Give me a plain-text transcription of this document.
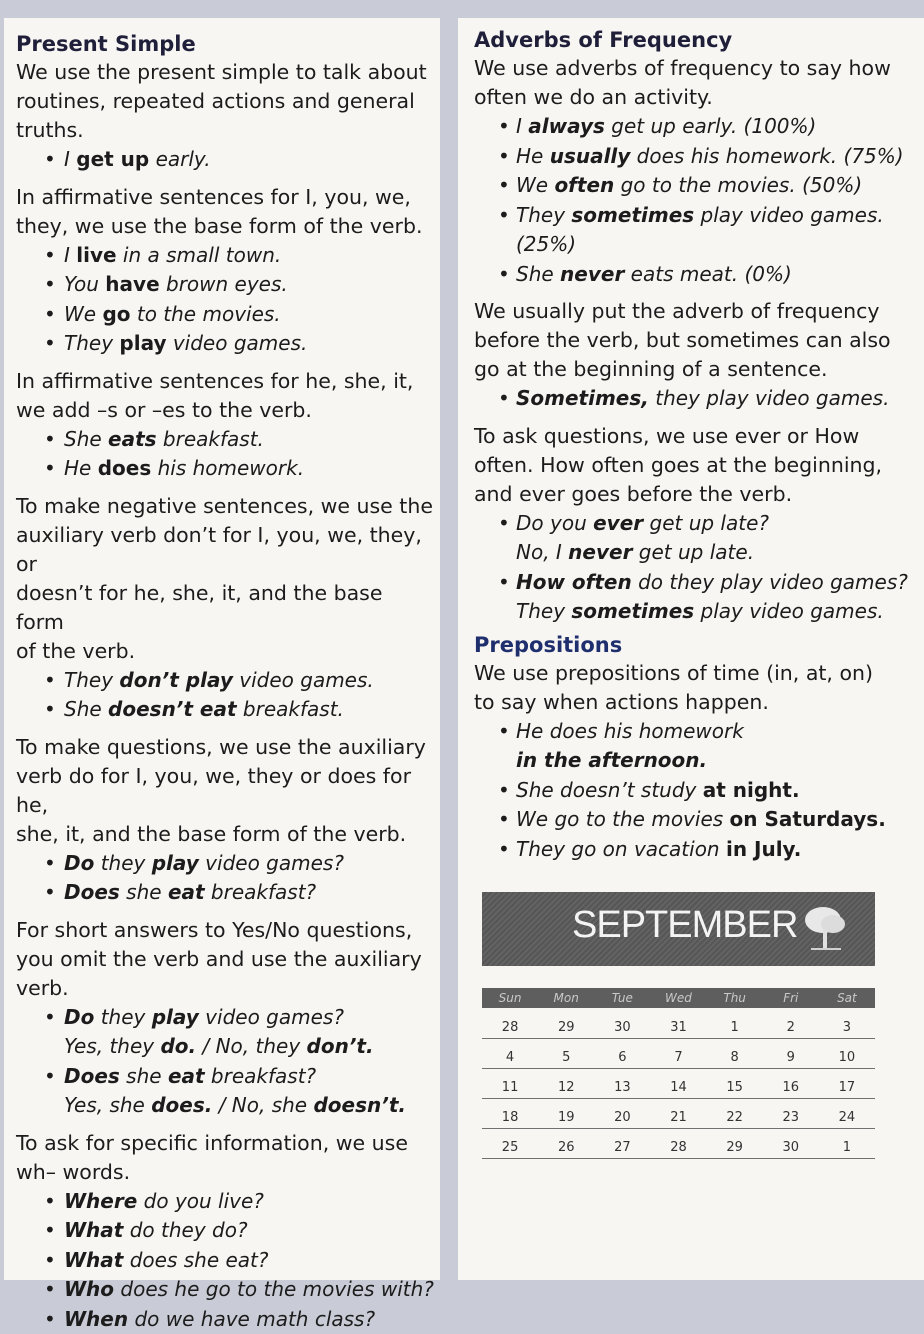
Present Simple

We use the present simple to talk about

routines, repeated actions and general

truths.

• I get up early.

In affirmative sentences for I, you, we,

they, we use the base form of the verb.

• I live in a small town.
• You have brown eyes.
• We go to the movies.
• They play video games.

In affirmative sentences for he, she, it,

we add –s or –es to the verb.

• She eats breakfast.
• He does his homework.

To make negative sentences, we use the

auxiliary verb don’t for I, you, we, they, or

doesn’t for he, she, it, and the base form

of the verb.

• They don’t play video games.
• She doesn’t eat breakfast.

To make questions, we use the auxiliary

verb do for I, you, we, they or does for he,

she, it, and the base form of the verb.

• Do they play video games?
• Does she eat breakfast?

For short answers to Yes/No questions,

you omit the verb and use the auxiliary

verb.

• Do they play video games?
Yes, they do. / No, they don’t.
• Does she eat breakfast?
Yes, she does. / No, she doesn’t.

To ask for specific information, we use

wh– words.

• Where do you live?
• What do they do?
• What does she eat?
• Who does he go to the movies with?
• When do we have math class?
Adverbs of Frequency

We use adverbs of frequency to say how

often we do an activity.

• I always get up early. (100%)
• He usually does his homework. (75%)
• We often go to the movies. (50%)
• They sometimes play video games. (25%)
• She never eats meat. (0%)

We usually put the adverb of frequency

before the verb, but sometimes can also

go at the beginning of a sentence.

• Sometimes, they play video games.

To ask questions, we use ever or How

often. How often goes at the beginning,

and ever goes before the verb.

• Do you ever get up late?
No, I never get up late.
• How often do they play video games?
They sometimes play video games.
Prepositions

We use prepositions of time (in, at, on)

to say when actions happen.

• He does his homework
in the afternoon.
• She doesn’t study at night.
• We go to the movies on Saturdays.
• They go on vacation in July.
SEPTEMBER
Sun	Mon	Tue	Wed	Thu	Fri	Sat
28	29	30	31	1	2	3
4	5	6	7	8	9	10
11	12	13	14	15	16	17
18	19	20	21	22	23	24
25	26	27	28	29	30	1
